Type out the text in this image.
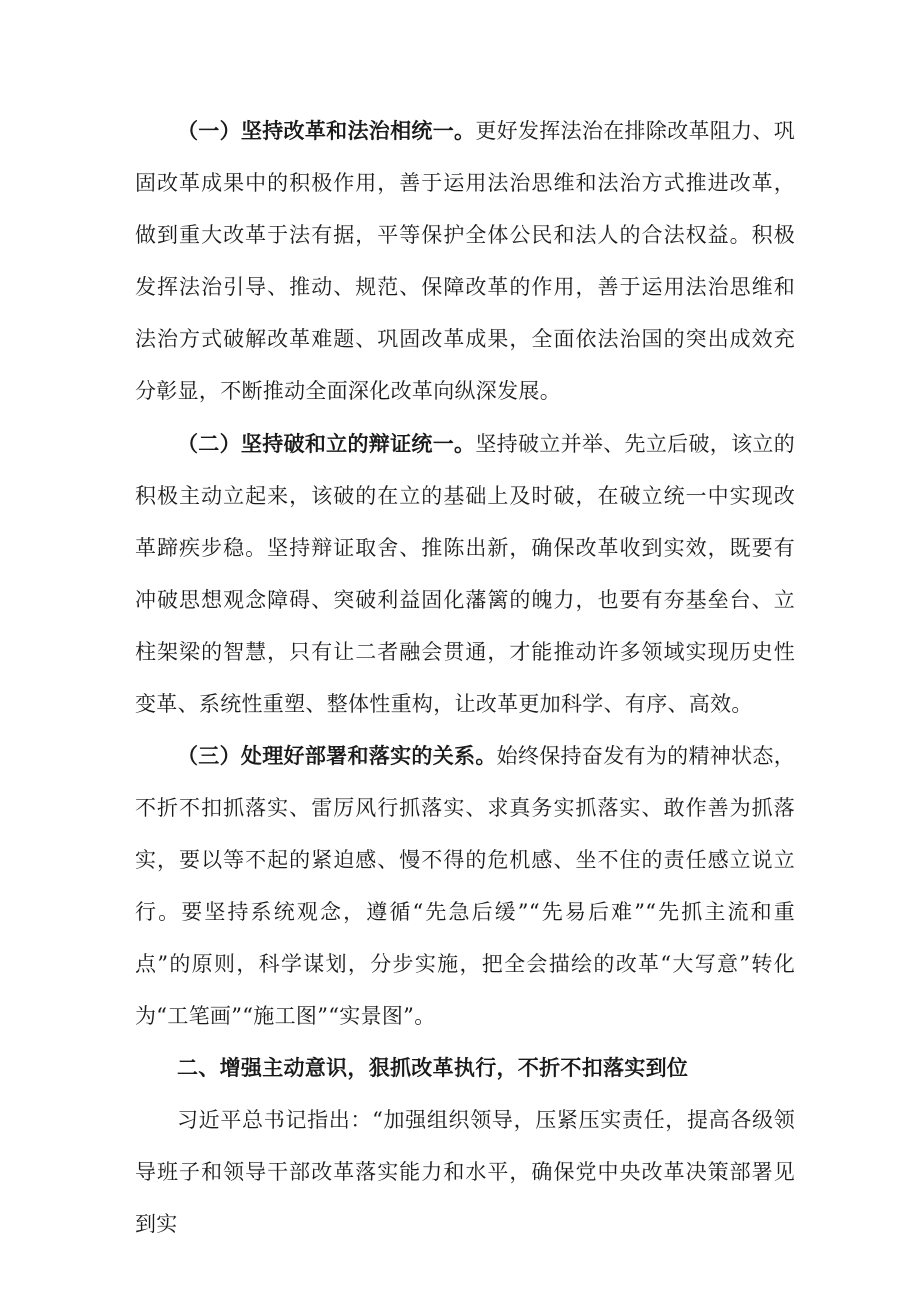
（一）坚持改革和法治相统一。更好发挥法治在排除改革阻力、巩固改革成果中的积极作用，善于运用法治思维和法治方式推进改革，做到重大改革于法有据，平等保护全体公民和法人的合法权益。积极发挥法治引导、推动、规范、保障改革的作用，善于运用法治思维和法治方式破解改革难题、巩固改革成果，全面依法治国的突出成效充分彰显，不断推动全面深化改革向纵深发展。

（二）坚持破和立的辩证统一。坚持破立并举、先立后破，该立的积极主动立起来，该破的在立的基础上及时破，在破立统一中实现改革蹄疾步稳。坚持辩证取舍、推陈出新，确保改革收到实效，既要有冲破思想观念障碍、突破利益固化藩篱的魄力，也要有夯基垒台、立柱架梁的智慧，只有让二者融会贯通，才能推动许多领域实现历史性变革、系统性重塑、整体性重构，让改革更加科学、有序、高效。

（三）处理好部署和落实的关系。始终保持奋发有为的精神状态，不折不扣抓落实、雷厉风行抓落实、求真务实抓落实、敢作善为抓落实，要以等不起的紧迫感、慢不得的危机感、坐不住的责任感立说立行。要坚持系统观念，遵循“先急后缓”“先易后难”“先抓主流和重点”的原则，科学谋划，分步实施，把全会描绘的改革“大写意”转化为“工笔画”“施工图”“实景图”。

二、增强主动意识，狠抓改革执行，不折不扣落实到位

习近平总书记指出：“加强组织领导，压紧压实责任，提高各级领导班子和领导干部改革落实能力和水平，确保党中央改革决策部署见到实
